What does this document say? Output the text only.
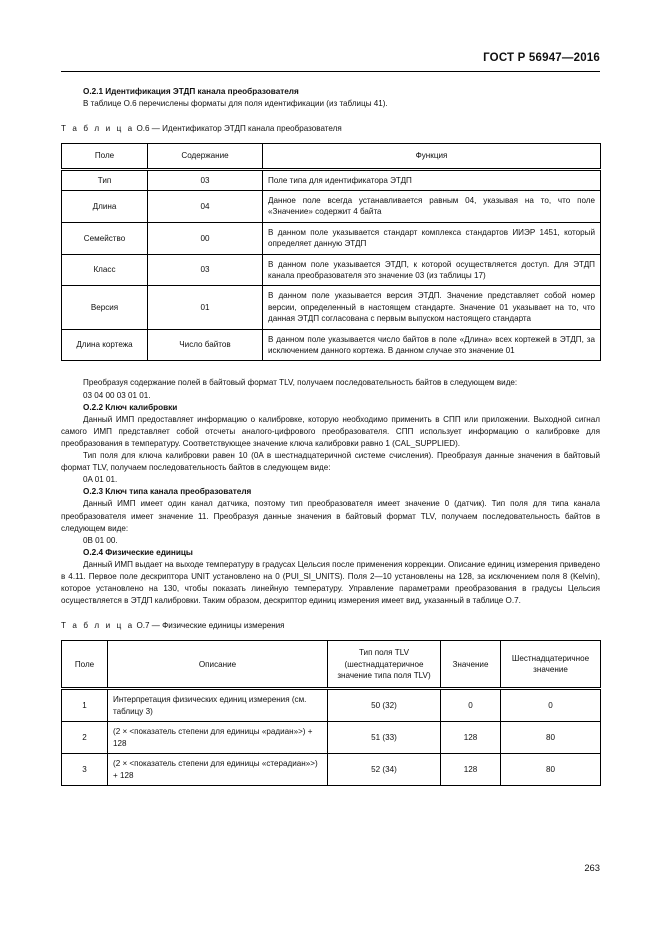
ГОСТ Р 56947—2016
О.2.1 Идентификация ЭТДП канала преобразователя

В таблице О.6 перечислены форматы для поля идентификации (из таблицы 41).

Т а б л и ц а О.6 — Идентификатор ЭТДП канала преобразователя
Поле	Содержание	Функция
Тип	03	Поле типа для идентификатора ЭТДП
Длина	04	Данное поле всегда устанавливается равным 04, указывая на то, что поле «Значение» содержит 4 байта
Семейство	00	В данном поле указывается стандарт комплекса стандартов ИИЭР 1451, который определяет данную ЭТДП
Класс	03	В данном поле указывается ЭТДП, к которой осуществляется доступ. Для ЭТДП канала преобразователя это значение 03 (из таблицы 17)
Версия	01	В данном поле указывается версия ЭТДП. Значение представляет собой номер версии, определенный в настоящем стандарте. Значение 01 указывает на то, что данная ЭТДП согласована с первым выпуском настоящего стандарта
Длина кортежа	Число байтов	В данном поле указывается число байтов в поле «Длина» всех кортежей в ЭТДП, за исключением данного кортежа. В данном случае это значение 01

Преобразуя содержание полей в байтовый формат TLV, получаем последовательность байтов в следующем виде:

03 04 00 03 01 01.

О.2.2 Ключ калибровки

Данный ИМП предоставляет информацию о калибровке, которую необходимо применить в СПП или приложении. Выходной сигнал самого ИМП представляет собой отсчеты аналого-цифрового преобразователя. СПП использует информацию о калибровке для преобразования в температуру. Соответствующее значение ключа калибровки равно 1 (CAL_SUPPLIED).

Тип поля для ключа калибровки равен 10 (0A в шестнадцатеричной системе счисления). Преобразуя данные значения в байтовый формат TLV, получаем последовательность байтов в следующем виде:

0A 01 01.

О.2.3 Ключ типа канала преобразователя

Данный ИМП имеет один канал датчика, поэтому тип преобразователя имеет значение 0 (датчик). Тип поля для типа канала преобразователя имеет значение 11. Преобразуя данные значения в байтовый формат TLV, получаем последовательность байтов в следующем виде:

0B 01 00.

О.2.4 Физические единицы

Данный ИМП выдает на выходе температуру в градусах Цельсия после применения коррекции. Описание единиц измерения приведено в 4.11. Первое поле дескриптора UNIT установлено на 0 (PUI_SI_UNITS). Поля 2—10 установлены на 128, за исключением поля 8 (Kelvin), которое установлено на 130, чтобы показать линейную температуру. Управление параметрами преобразования в градусы Цельсия осуществляется в ЭТДП калибровки. Таким образом, дескриптор единиц измерения имеет вид, указанный в таблице О.7.

Т а б л и ц а О.7 — Физические единицы измерения
Поле	Описание	Тип поля TLV (шестнадцатеричное значение типа поля TLV)	Значение	Шестнадцатеричное значение
1	Интерпретация физических единиц измерения (см. таблицу 3)	50 (32)	0	0
2	(2 × <показатель степени для единицы «радиан»>) + 128	51 (33)	128	80
3	(2 × <показатель степени для единицы «стерадиан»>) + 128	52 (34)	128	80
263
